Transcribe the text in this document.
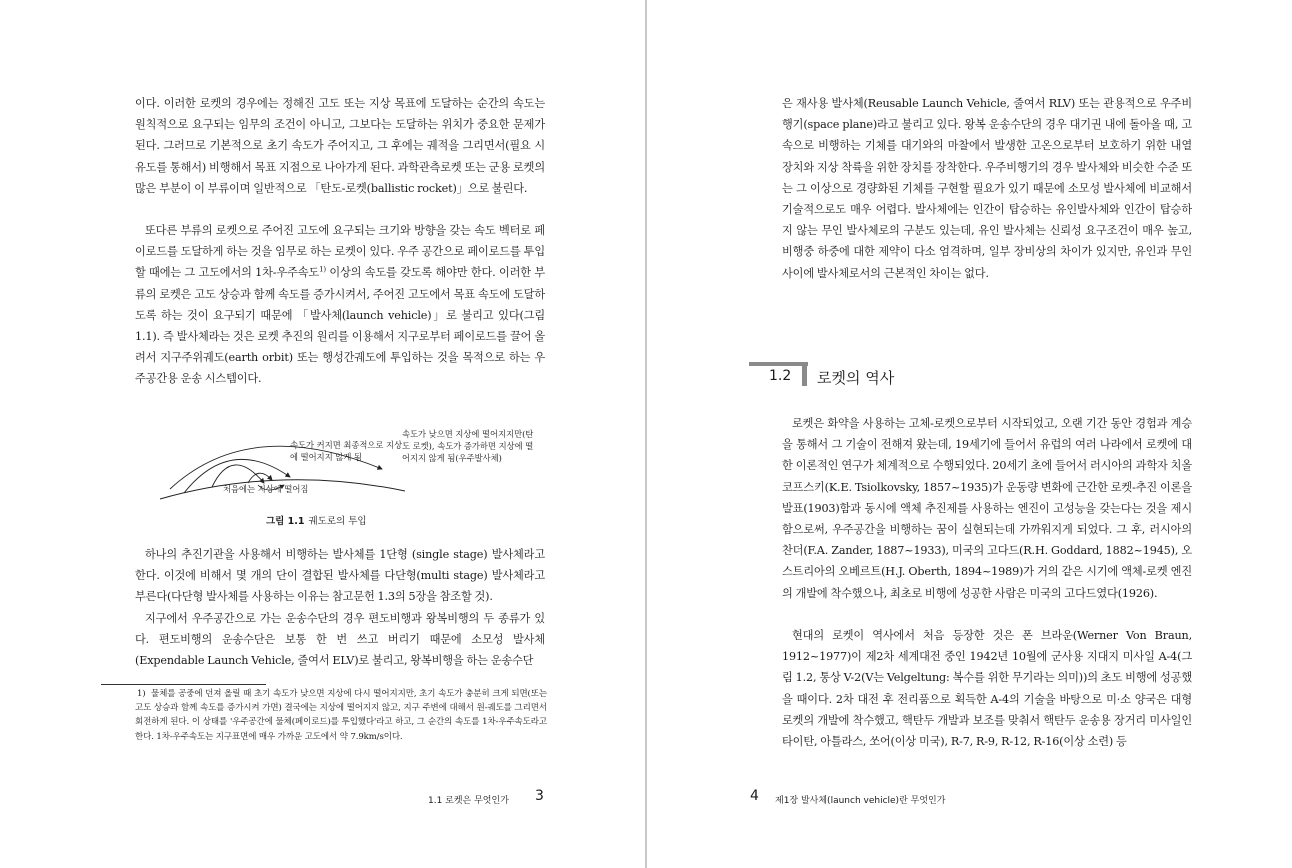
이다. 이러한 로켓의 경우에는 정해진 고도 또는 지상 목표에 도달하는 순간의 속도는 원칙적으로 요구되는 임무의 조건이 아니고, 그보다는 도달하는 위치가 중요한 문제가 된다. 그러므로 기본적으로 초기 속도가 주어지고, 그 후에는 궤적을 그리면서(필요 시 유도를 통해서) 비행해서 목표 지점으로 나아가게 된다. 과학관측로켓 또는 군용 로켓의 많은 부분이 이 부류이며 일반적으로 「탄도-로켓(ballistic rocket)」으로 불린다.

또다른 부류의 로켓으로 주어진 고도에 요구되는 크기와 방향을 갖는 속도 벡터로 페이로드를 도달하게 하는 것을 임무로 하는 로켓이 있다. 우주 공간으로 페이로드를 투입할 때에는 그 고도에서의 1차-우주속도$^{1)}$ 이상의 속도를 갖도록 해야만 한다. 이러한 부류의 로켓은 고도 상승과 함께 속도를 증가시켜서, 주어진 고도에서 목표 속도에 도달하도록 하는 것이 요구되기 때문에 「발사체(launch vehicle)」로 불리고 있다(그림 1.1). 즉 발사체라는 것은 로켓 추진의 원리를 이용해서 지구로부터 페이로드를 끌어 올려서 지구주위궤도(earth orbit) 또는 행성간궤도에 투입하는 것을 목적으로 하는 우주공간용 운송 시스템이다.

속도가 커지면 최종적으로 지상에 떨어지지 않게 됨
속도가 낮으면 지상에 떨어지지만(탄도 로켓), 속도가 증가하면 지상에 떨어지지 않게 됨(우주발사체)
처음에는 지상에 떨어짐
그림 1.1 궤도로의 투입

하나의 추진기관을 사용해서 비행하는 발사체를 1단형 (single stage) 발사체라고 한다. 이것에 비해서 몇 개의 단이 결합된 발사체를 다단형(multi stage) 발사체라고 부른다(다단형 발사체를 사용하는 이유는 참고문헌 1.3의 5장을 참조할 것).

지구에서 우주공간으로 가는 운송수단의 경우 편도비행과 왕복비행의 두 종류가 있다. 편도비행의 운송수단은 보통 한 번 쓰고 버리기 때문에 소모성 발사체(Expendable Launch Vehicle, 줄여서 ELV)로 불리고, 왕복비행을 하는 운송수단

1) 물체를 공중에 던져 올릴 때 초기 속도가 낮으면 지상에 다시 떨어지지만, 초기 속도가 충분히 크게 되면(또는 고도 상승과 함께 속도를 증가시켜 가면) 결국에는 지상에 떨어지지 않고, 지구 주변에 대해서 원-궤도를 그리면서 회전하게 된다. 이 상태를 '우주공간에 물체(페이로드)를 투입했다'라고 하고, 그 순간의 속도를 1차-우주속도라고 한다. 1차-우주속도는 지구표면에 매우 가까운 고도에서 약 7.9km/s이다.

1.1 로켓은 무엇인가 3

은 재사용 발사체(Reusable Launch Vehicle, 줄여서 RLV) 또는 관용적으로 우주비행기(space plane)라고 불리고 있다. 왕복 운송수단의 경우 대기권 내에 돌아올 때, 고속으로 비행하는 기체를 대기와의 마찰에서 발생한 고온으로부터 보호하기 위한 내열 장치와 지상 착륙을 위한 장치를 장착한다. 우주비행기의 경우 발사체와 비슷한 수준 또는 그 이상으로 경량화된 기체를 구현할 필요가 있기 때문에 소모성 발사체에 비교해서 기술적으로도 매우 어렵다. 발사체에는 인간이 탑승하는 유인발사체와 인간이 탑승하지 않는 무인 발사체로의 구분도 있는데, 유인 발사체는 신뢰성 요구조건이 매우 높고, 비행중 하중에 대한 제약이 다소 엄격하며, 일부 장비상의 차이가 있지만, 유인과 무인 사이에 발사체로서의 근본적인 차이는 없다.

1.2 로켓의 역사

로켓은 화약을 사용하는 고체-로켓으로부터 시작되었고, 오랜 기간 동안 경험과 계승을 통해서 그 기술이 전해져 왔는데, 19세기에 들어서 유럽의 여러 나라에서 로켓에 대한 이론적인 연구가 체계적으로 수행되었다. 20세기 초에 들어서 러시아의 과학자 치올코프스키(K.E. Tsiolkovsky, 1857~1935)가 운동량 변화에 근간한 로켓-추진 이론을 발표(1903)함과 동시에 액체 추진제를 사용하는 엔진이 고성능을 갖는다는 것을 제시함으로써, 우주공간을 비행하는 꿈이 실현되는데 가까워지게 되었다. 그 후, 러시아의 찬더(F.A. Zander, 1887~1933), 미국의 고다드(R.H. Goddard, 1882~1945), 오스트리아의 오베르트(H.J. Oberth, 1894~1989)가 거의 같은 시기에 액체-로켓 엔진의 개발에 착수했으나, 최초로 비행에 성공한 사람은 미국의 고다드였다(1926).

현대의 로켓이 역사에서 처음 등장한 것은 폰 브라운(Werner Von Braun, 1912~1977)이 제2차 세계대전 중인 1942년 10월에 군사용 지대지 미사일 A-4(그림 1.2, 통상 V-2(V는 Velgeltung: 복수를 위한 무기라는 의미))의 초도 비행에 성공했을 때이다. 2차 대전 후 전리품으로 획득한 A-4의 기술을 바탕으로 미·소 양국은 대형 로켓의 개발에 착수했고, 핵탄두 개발과 보조를 맞춰서 핵탄두 운송용 장거리 미사일인 타이탄, 아틀라스, 쏘어(이상 미국), R-7, R-9, R-12, R-16(이상 소련) 등

4 제1장 발사체(launch vehicle)란 무엇인가
